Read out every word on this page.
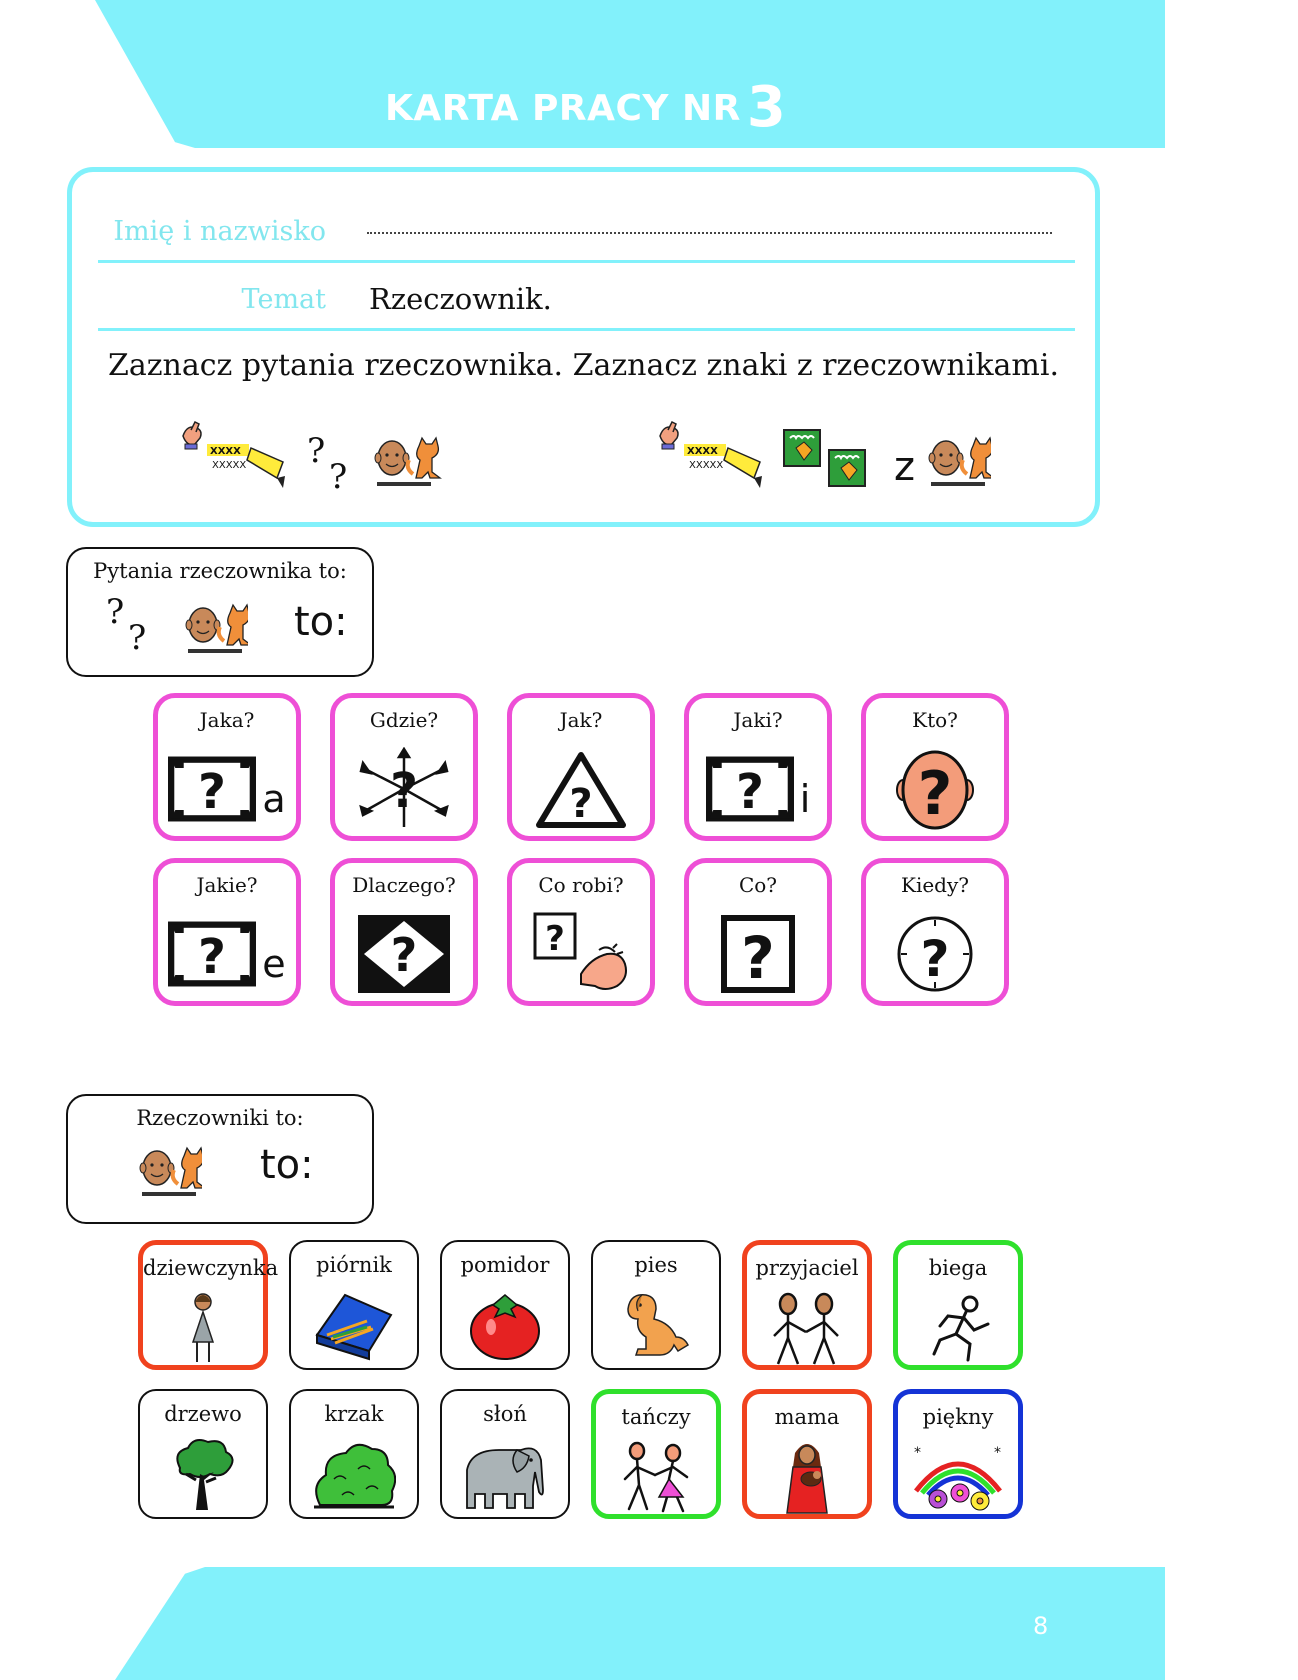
KARTA PRACY NR 3
Imię i nazwisko
Temat Rzeczownik.
Zaznacz pytania rzeczownika. Zaznacz znaki z rzeczownikami.
z
Pytania rzeczownika to:
to:
Jaka?
a
Gdzie?
?
Jak?
?
Jaki?
i
Kto?
?
Jakie?
e
Dlaczego?
?
Co robi?
?
Co?
?
Kiedy?
?
Rzeczowniki to:
to:
dziewczynka	piórnik	pomidor	pies	przyjaciel	biega
drzewo	krzak	słoń	tańczy	mama	piękny
*	*
8
